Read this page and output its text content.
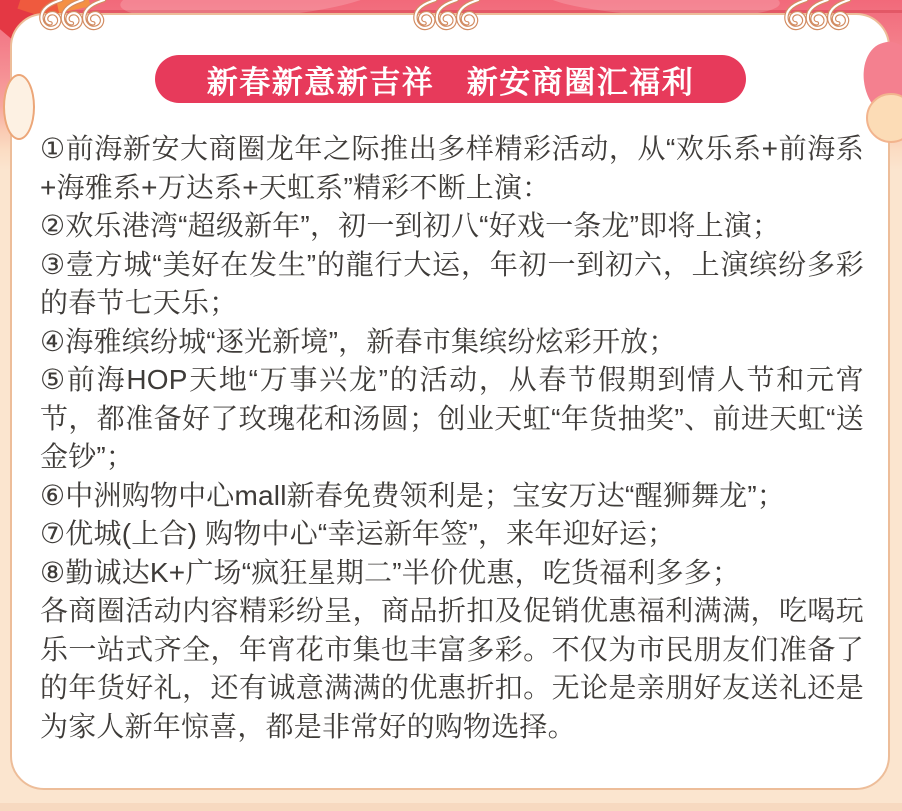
新春新意新吉祥　新安商圈汇福利

①前海新安大商圈龙年之际推出多样精彩活动，从“欢乐系+前海系+海雅系+万达系+天虹系”精彩不断上演：

②欢乐港湾“超级新年”，初一到初八“好戏一条龙”即将上演；

③壹方城“美好在发生”的龍行大运，年初一到初六，上演缤纷多彩的春节七天乐；

④海雅缤纷城“逐光新境”，新春市集缤纷炫彩开放；

⑤前海HOP天地“万事兴龙”的活动，从春节假期到情人节和元宵节，都准备好了玫瑰花和汤圆；创业天虹“年货抽奖”、前进天虹“送金钞”；

⑥中洲购物中心mall新春免费领利是；宝安万达“醒狮舞龙”；

⑦优城(上合) 购物中心“幸运新年签”，来年迎好运；

⑧勤诚达K+广场“疯狂星期二”半价优惠，吃货福利多多；

各商圈活动内容精彩纷呈，商品折扣及促销优惠福利满满，吃喝玩乐一站式齐全，年宵花市集也丰富多彩。不仅为市民朋友们准备了的年货好礼，还有诚意满满的优惠折扣。无论是亲朋好友送礼还是为家人新年惊喜，都是非常好的购物选择。
